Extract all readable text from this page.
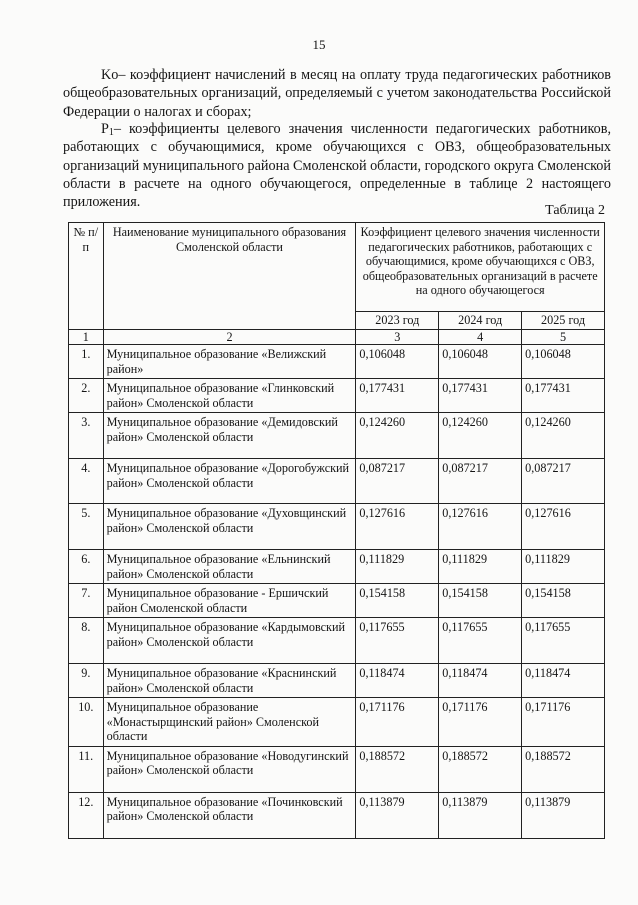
15
Ko– коэффициент начислений в месяц на оплату труда педагогических работников общеобразовательных организаций, определяемый с учетом законодательства Российской Федерации о налогах и сборах;
$P_1-$ коэффициенты целевого значения численности педагогических работников, работающих с обучающимися, кроме обучающихся с ОВЗ, общеобразовательных организаций муниципального района Смоленской области, городского округа Смоленской области в расчете на одного обучающегося, определенные в таблице 2 настоящего приложения.
Таблица 2
№ п/п	Наименование муниципального образования Смоленской области	Коэффициент целевого значения численности педагогических работников, работающих с обучающимися, кроме обучающихся с ОВЗ, общеобразовательных организаций в расчете на одного обучающегося		
		2023 год	2024 год	2025 год
1	2	3	4	5
1.	Муниципальное образование «Велижский район»	0,106048	0,106048	0,106048
2.	Муниципальное образование «Глинковский район» Смоленской области	0,177431	0,177431	0,177431
3.	Муниципальное образование «Демидовский район» Смоленской области	0,124260	0,124260	0,124260
4.	Муниципальное образование «Дорогобужский район» Смоленской области	0,087217	0,087217	0,087217
5.	Муниципальное образование «Духовщинский район» Смоленской области	0,127616	0,127616	0,127616
6.	Муниципальное образование «Ельнинский район» Смоленской области	0,111829	0,111829	0,111829
7.	Муниципальное образование - Ершичский район Смоленской области	0,154158	0,154158	0,154158
8.	Муниципальное образование «Кардымовский район» Смоленской области	0,117655	0,117655	0,117655
9.	Муниципальное образование «Краснинский район» Смоленской области	0,118474	0,118474	0,118474
10.	Муниципальное образование «Монастырщинский район» Смоленской области	0,171176	0,171176	0,171176
11.	Муниципальное образование «Новодугинский район» Смоленской области	0,188572	0,188572	0,188572
12.	Муниципальное образование «Починковский район» Смоленской области	0,113879	0,113879	0,113879
